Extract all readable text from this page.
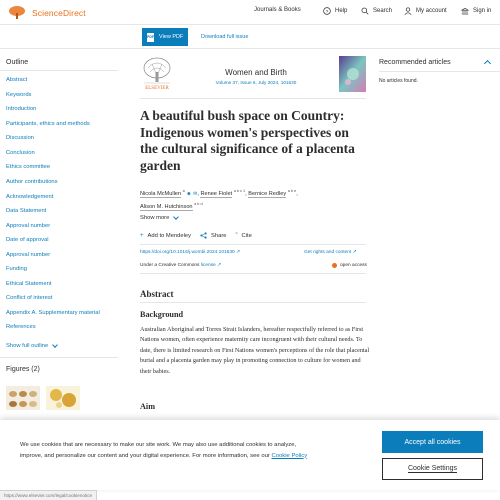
ScienceDirect	Journals & Books	? Help	Search	My account	Sign in
PDF View PDF	Download full issue
Outline
Abstract
Keywords
Introduction
Participants, ethics and methods
Discussion
Conclusion
Ethics committee
Author contributions
Acknowledgement
Data Statement
Approval number
Date of approval
Approval number
Funding
Ethical Statement
Conflict of interest
Appendix A. Supplementary material
References
Show full outline
Figures (2)
ELSEVIER
Women and Birth
Volume 37, Issue 6, July 2024, 101630
A beautiful bush space on Country: Indigenous women's perspectives on the cultural significance of a placenta garden
Nicola McMullen $^a$ ☻ ✉, Renee Fiolet $^{a b c 1}$, Bernice Redley $^{a b e}$,
Alison M. Hutchinson $^{a b d}$
Show more
+ Add to Mendeley	Share ” Cite
https://doi.org/10.1016/j.wombi.2024.101630 ↗	Get rights and content ↗
Under a Creative Commons license ↗	open access
Abstract
Background

Australian Aboriginal and Torres Strait Islanders, hereafter respectfully referred to as First Nations women, often experience maternity care incongruent with their cultural needs. To date, there is limited research on First Nations women's perceptions of the role that placental burial and a placenta garden may play in promoting connection to culture for women and their babies.

Aim
Recommended articles
No articles found.
We use cookies that are necessary to make our site work. We may also use additional cookies to analyze, improve, and personalize our content and your digital experience. For more information, see our Cookie Policy
Accept all cookies
Cookie Settings
https://www.elsevier.com/legal/cookienotice
